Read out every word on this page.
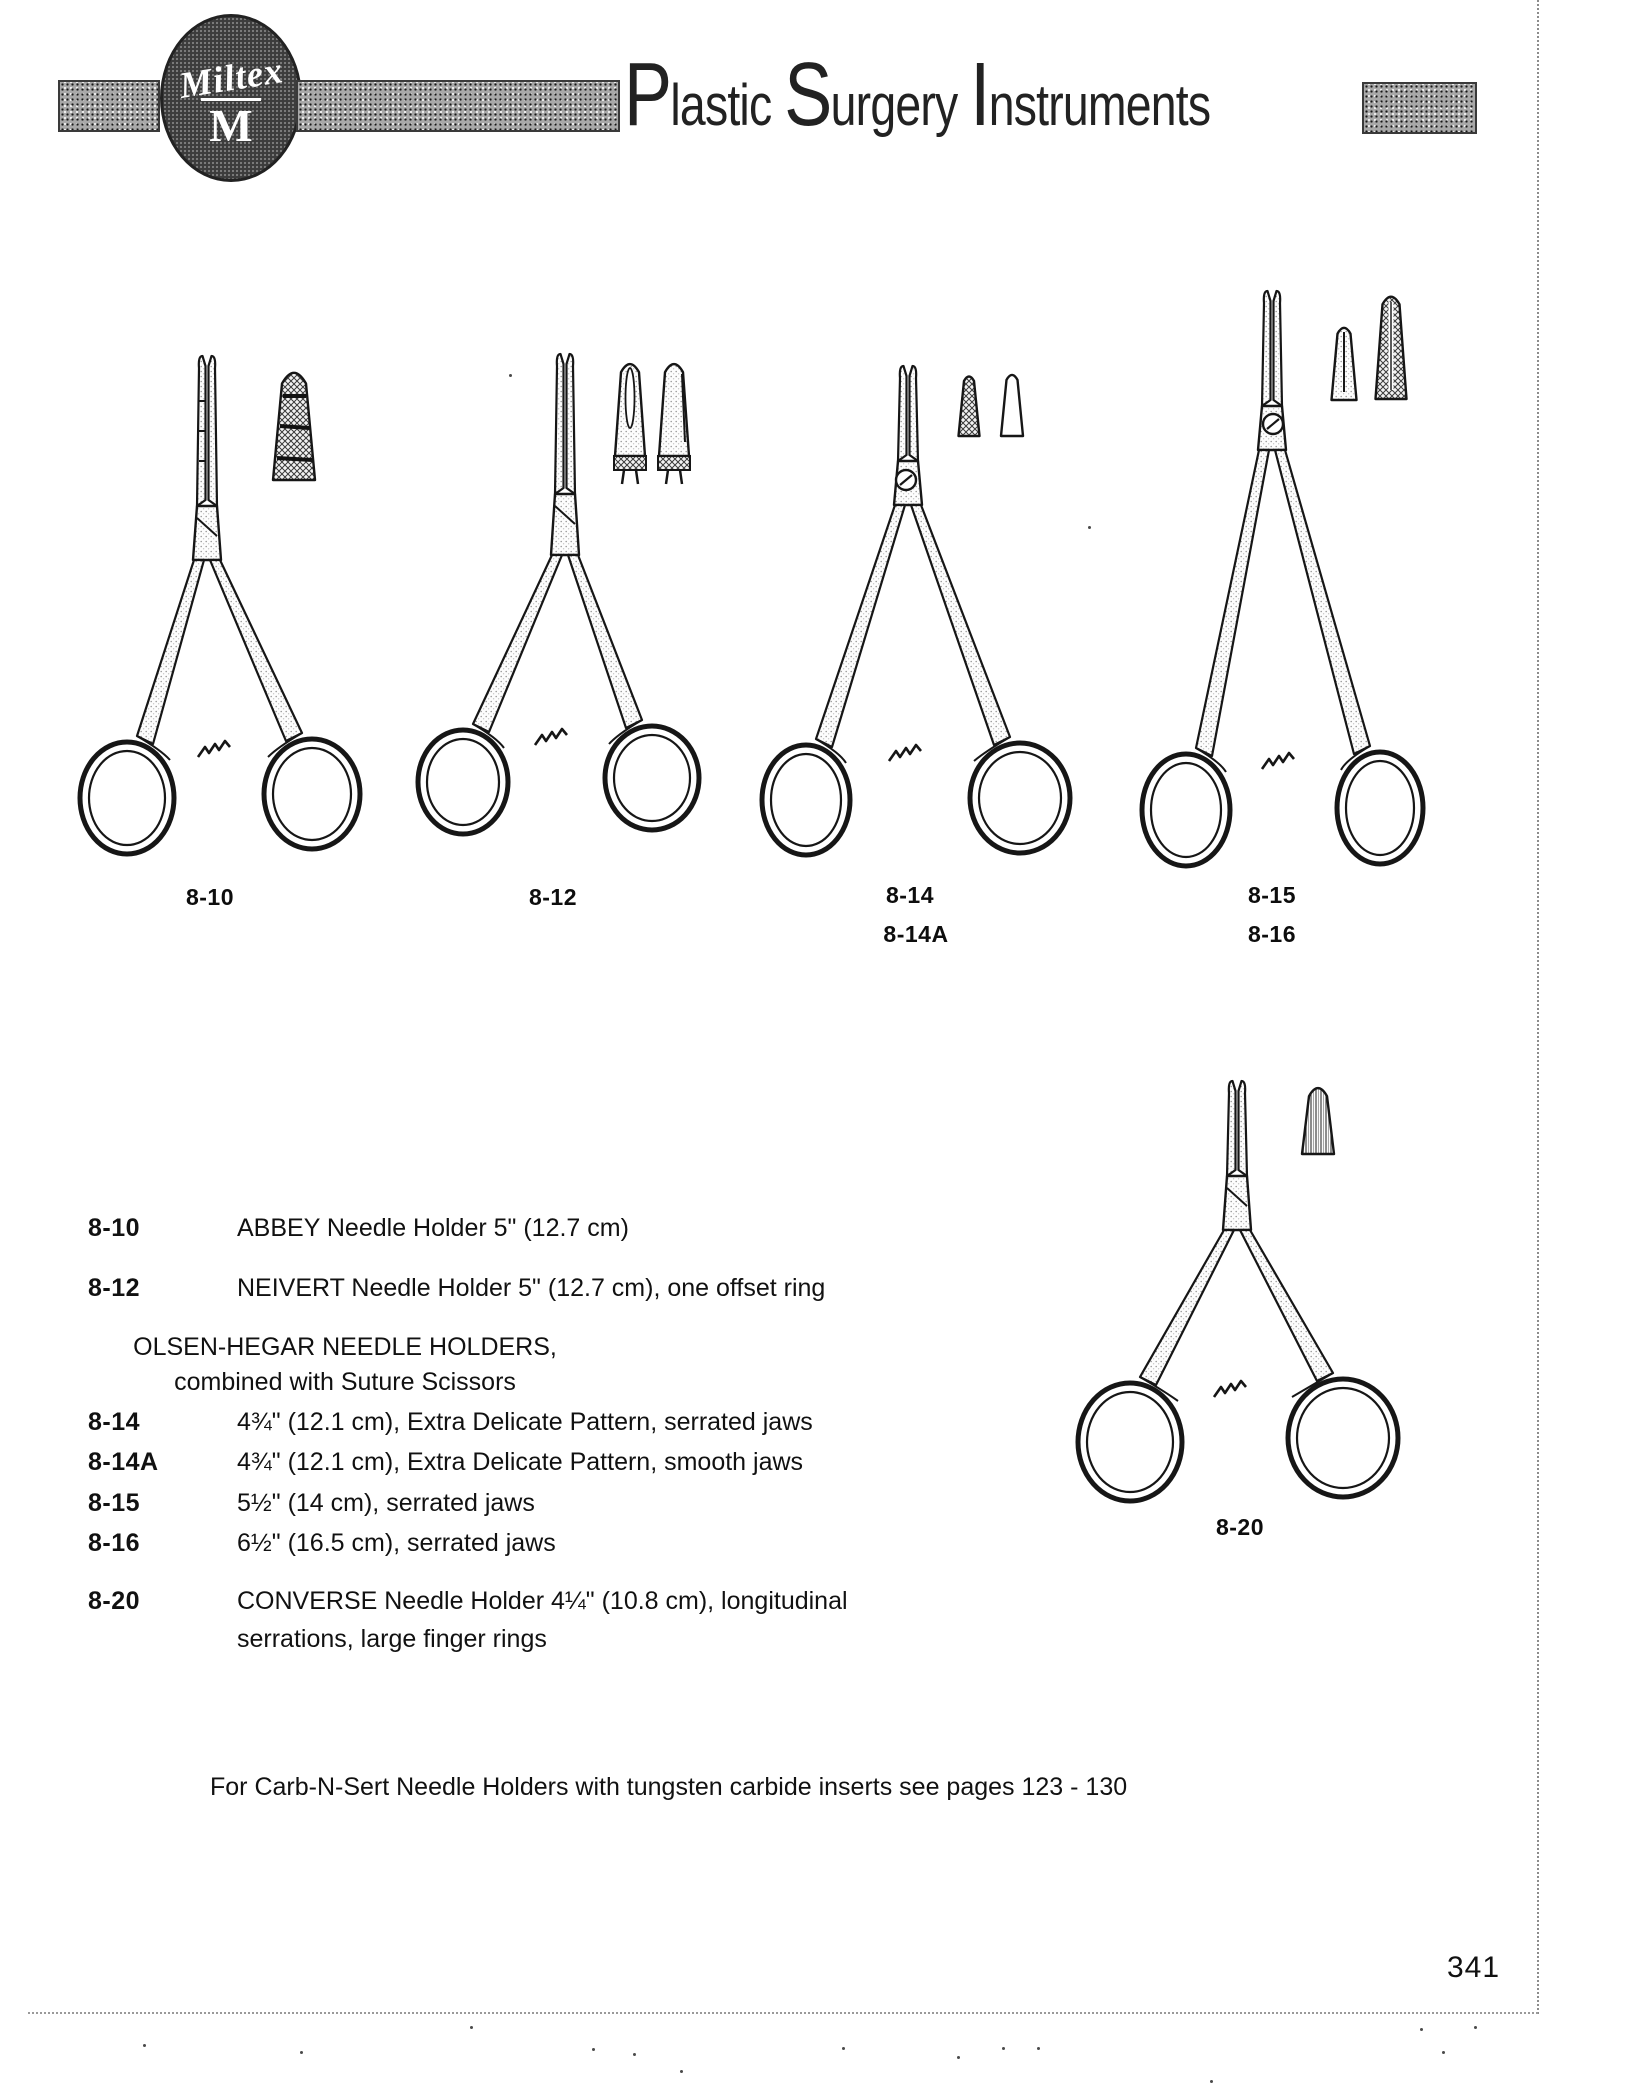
Miltex
M	Plastic Surgery Instruments
8-10	8-12	8-14
8-14A
8-15
8-16
8-20
8-10	ABBEY Needle Holder 5" (12.7 cm)
8-12	NEIVERT Needle Holder 5" (12.7 cm), one offset ring
OLSEN-HEGAR NEEDLE HOLDERS,
combined with Suture Scissors
8-14	4¾" (12.1 cm), Extra Delicate Pattern, serrated jaws
8-14A	4¾" (12.1 cm), Extra Delicate Pattern, smooth jaws
8-15	5½" (14 cm), serrated jaws
8-16	6½" (16.5 cm), serrated jaws
8-20	CONVERSE Needle Holder 4¼" (10.8 cm), longitudinal
serrations, large finger rings
For Carb-N-Sert Needle Holders with tungsten carbide inserts see pages 123 - 130
341
